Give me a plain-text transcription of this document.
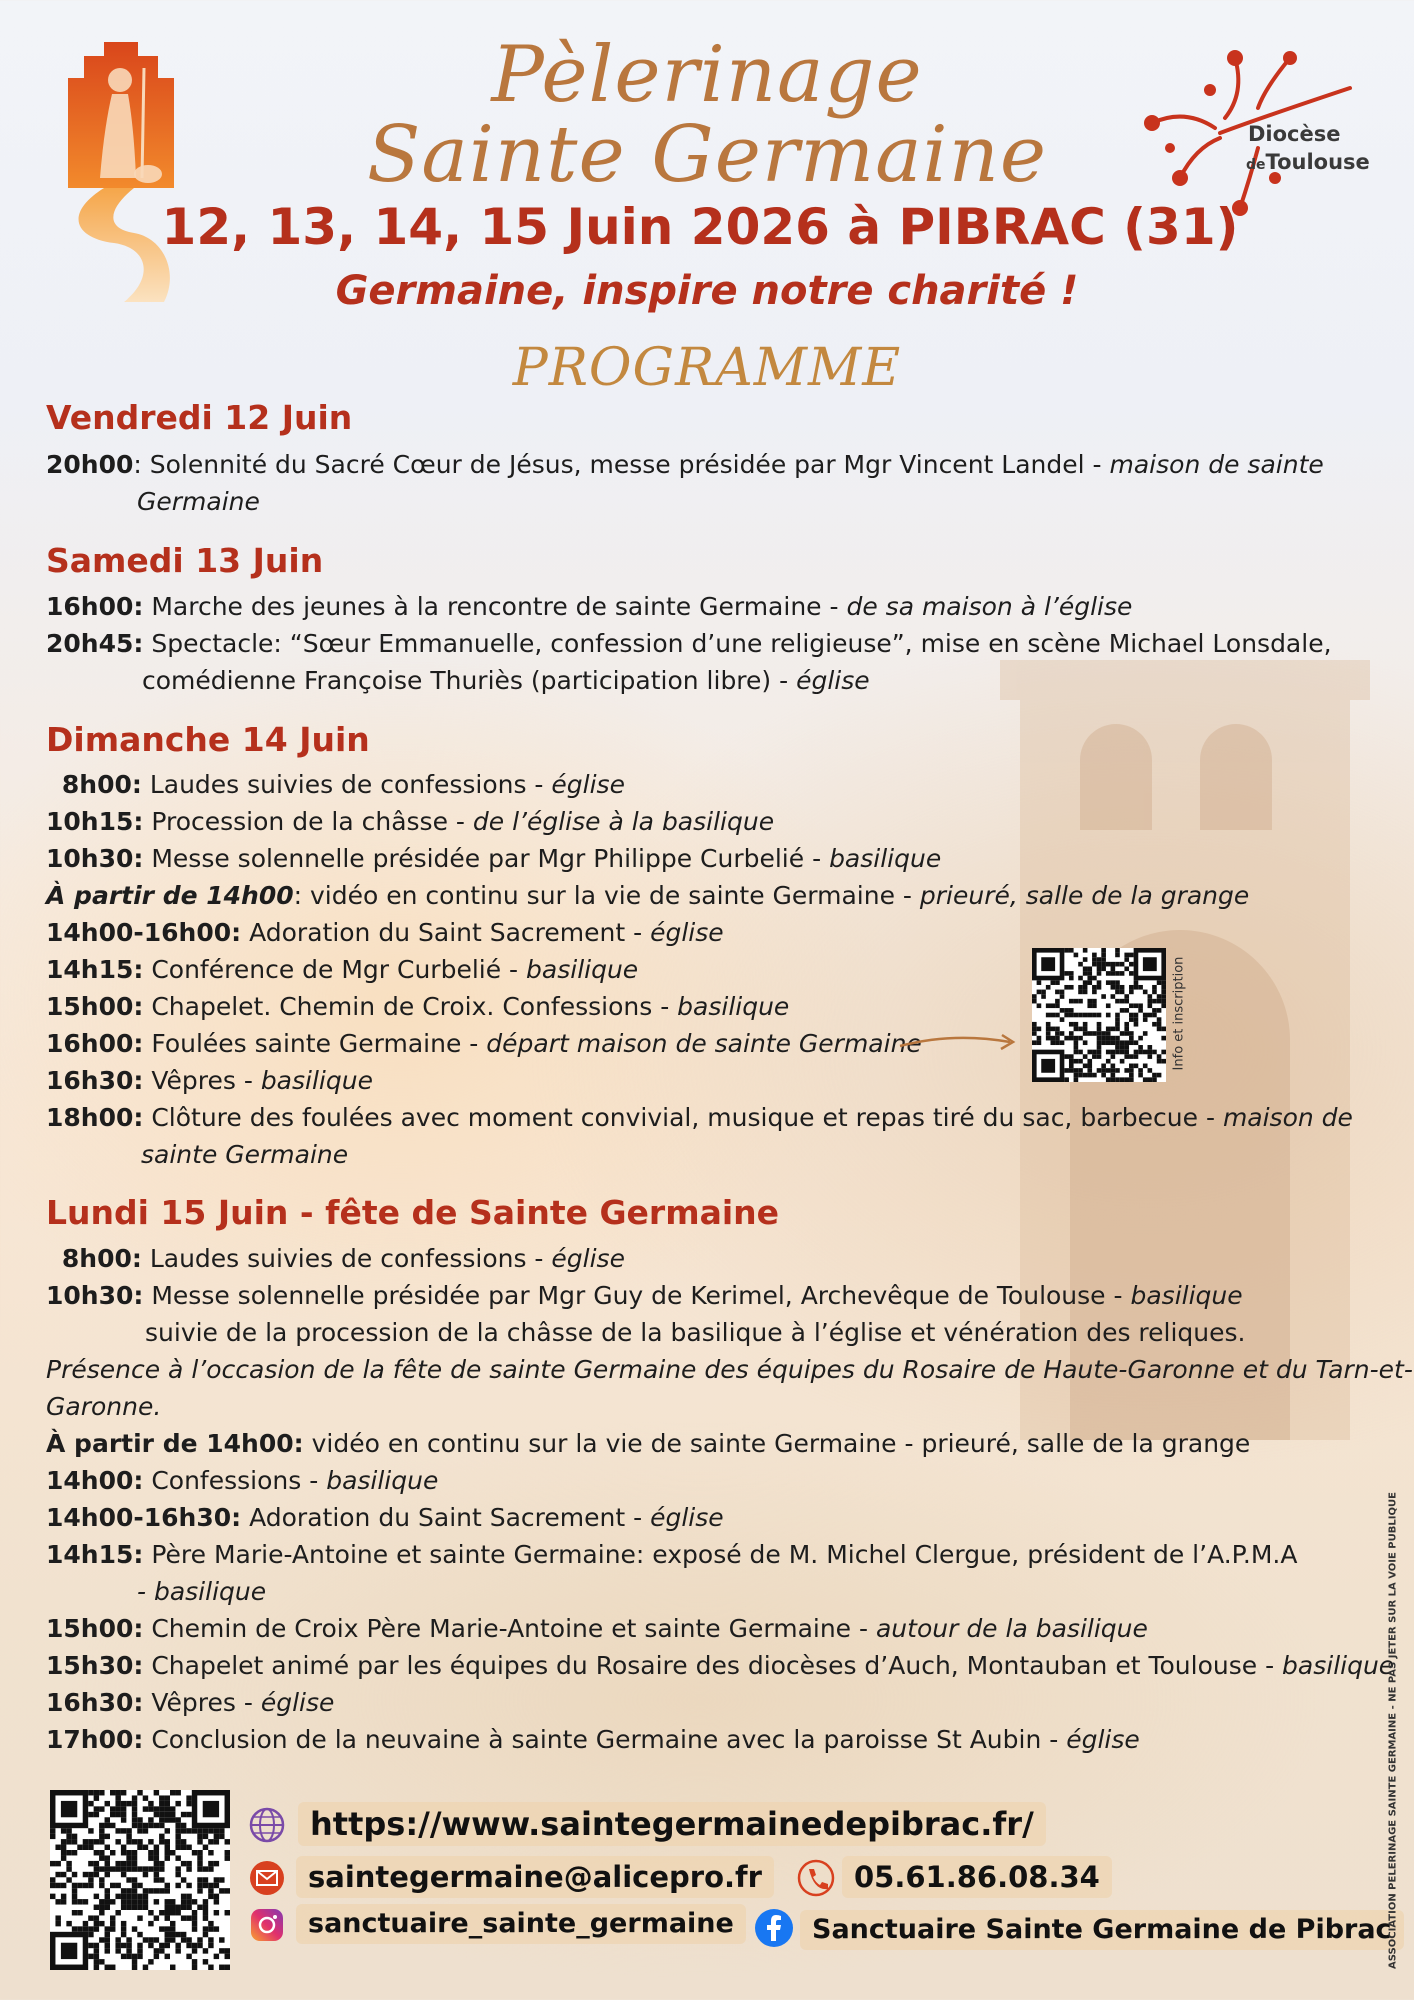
Diocèse
deToulouse
Pèlerinage
Sainte Germaine
12, 13, 14, 15 Juin 2026 à PIBRAC (31)
Germaine, inspire notre charité !
PROGRAMME
Vendredi 12 Juin
20h00: Solennité du Sacré Cœur de Jésus, messe présidée par Mgr Vincent Landel - maison de sainte
Germaine
Samedi 13 Juin
16h00: Marche des jeunes à la rencontre de sainte Germaine - de sa maison à l’église
20h45: Spectacle: “Sœur Emmanuelle, confession d’une religieuse”, mise en scène Michael Lonsdale,
comédienne Françoise Thuriès (participation libre) - église
Dimanche 14 Juin
8h00: Laudes suivies de confessions - église
10h15: Procession de la châsse - de l’église à la basilique
10h30: Messe solennelle présidée par Mgr Philippe Curbelié - basilique
À partir de 14h00: vidéo en continu sur la vie de sainte Germaine - prieuré, salle de la grange
14h00-16h00: Adoration du Saint Sacrement - église
14h15: Conférence de Mgr Curbelié - basilique
15h00: Chapelet. Chemin de Croix. Confessions - basilique
16h00: Foulées sainte Germaine - départ maison de sainte Germaine
16h30: Vêpres - basilique
18h00: Clôture des foulées avec moment convivial, musique et repas tiré du sac, barbecue - maison de
sainte Germaine
Info et inscription
Lundi 15 Juin - fête de Sainte Germaine
8h00: Laudes suivies de confessions - église
10h30: Messe solennelle présidée par Mgr Guy de Kerimel, Archevêque de Toulouse - basilique
suivie de la procession de la châsse de la basilique à l’église et vénération des reliques.
Présence à l’occasion de la fête de sainte Germaine des équipes du Rosaire de Haute-Garonne et du Tarn-et-
Garonne.
À partir de 14h00: vidéo en continu sur la vie de sainte Germaine - prieuré, salle de la grange
14h00: Confessions - basilique
14h00-16h30: Adoration du Saint Sacrement - église
14h15: Père Marie-Antoine et sainte Germaine: exposé de M. Michel Clergue, président de l’A.P.M.A
- basilique
15h00: Chemin de Croix Père Marie-Antoine et sainte Germaine - autour de la basilique
15h30: Chapelet animé par les équipes du Rosaire des diocèses d’Auch, Montauban et Toulouse - basilique
16h30: Vêpres - église
17h00: Conclusion de la neuvaine à sainte Germaine avec la paroisse St Aubin - église
https://www.saintegermainedepibrac.fr/
saintegermaine@alicepro.fr	05.61.86.08.34
sanctuaire_sainte_germaine	Sanctuaire Sainte Germaine de Pibrac
ASSOCIATION PELERINAGE SAINTE GERMAINE - NE PAS JETER SUR LA VOIE PUBLIQUE
